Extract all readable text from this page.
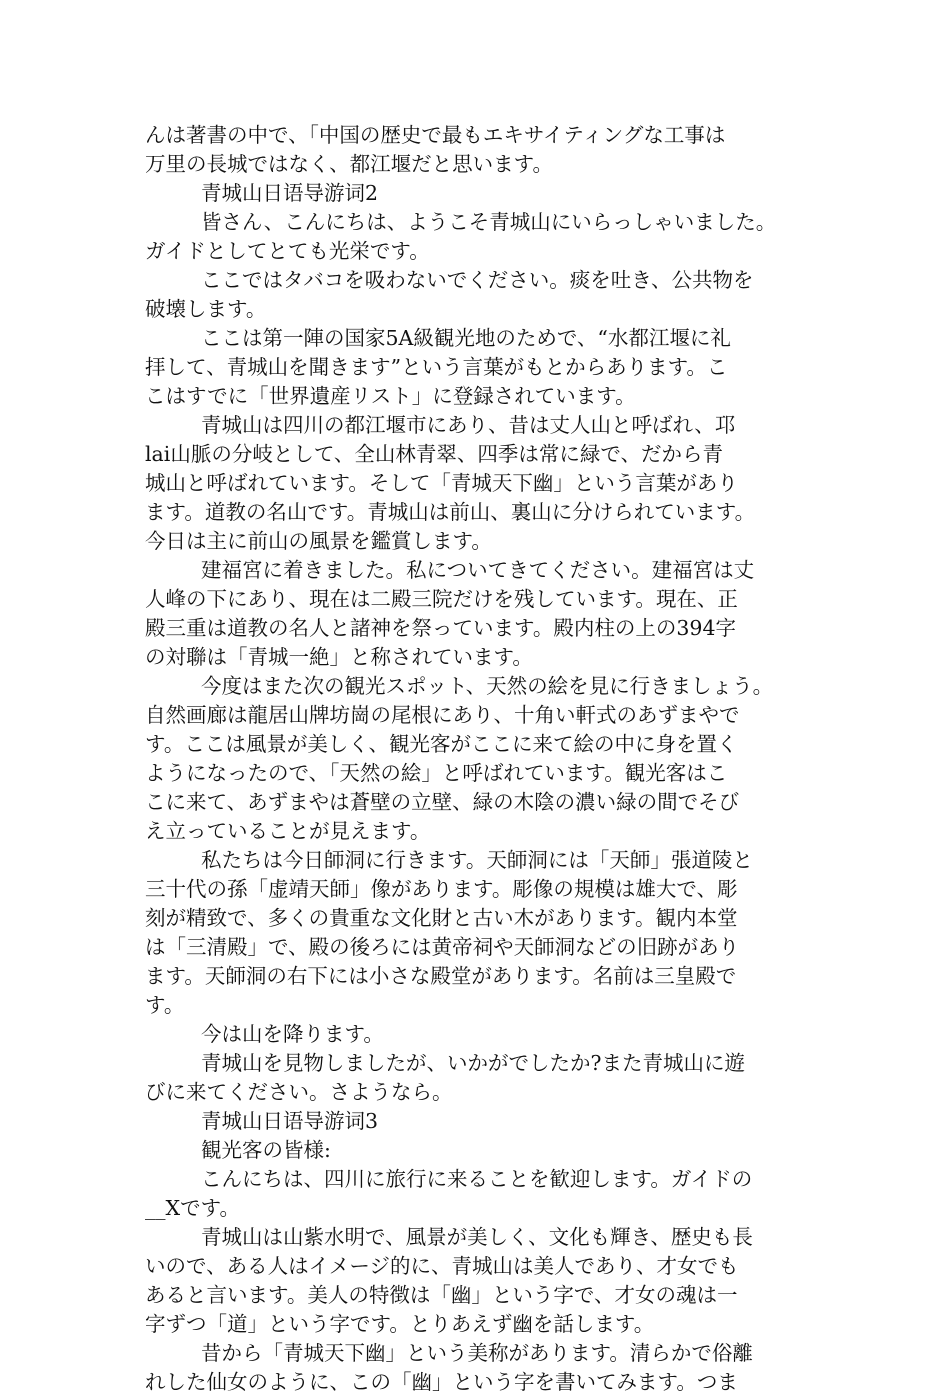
んは著書の中で、「中国の歴史で最もエキサイティングな工事は

万里の長城ではなく、都江堰だと思います。

青城山日语导游词2

皆さん、こんにちは、ようこそ青城山にいらっしゃいました。

ガイドとしてとても光栄です。

ここではタバコを吸わないでください。痰を吐き、公共物を

破壊します。

ここは第一陣の国家5A級観光地のためで、“水都江堰に礼

拝して、青城山を聞きます”という言葉がもとからあります。こ

こはすでに「世界遺産リスト」に登録されています。

青城山は四川の都江堰市にあり、昔は丈人山と呼ばれ、邛

lai山脈の分岐として、全山林青翠、四季は常に緑で、だから青

城山と呼ばれています。そして「青城天下幽」という言葉があり

ます。道教の名山です。青城山は前山、裏山に分けられています。

今日は主に前山の風景を鑑賞します。

建福宮に着きました。私についてきてください。建福宮は丈

人峰の下にあり、現在は二殿三院だけを残しています。現在、正

殿三重は道教の名人と諸神を祭っています。殿内柱の上の394字

の対聯は「青城一絶」と称されています。

今度はまた次の観光スポット、天然の絵を見に行きましょう。

自然画廊は龍居山牌坊崗の尾根にあり、十角い軒式のあずまやで

す。ここは風景が美しく、観光客がここに来て絵の中に身を置く

ようになったので、「天然の絵」と呼ばれています。観光客はこ

こに来て、あずまやは蒼壁の立壁、緑の木陰の濃い緑の間でそび

え立っていることが見えます。

私たちは今日師洞に行きます。天師洞には「天師」張道陵と

三十代の孫「虚靖天師」像があります。彫像の規模は雄大で、彫

刻が精致で、多くの貴重な文化財と古い木があります。観内本堂

は「三清殿」で、殿の後ろには黄帝祠や天師洞などの旧跡があり

ます。天師洞の右下には小さな殿堂があります。名前は三皇殿で

す。

今は山を降ります。

青城山を見物しましたが、いかがでしたか?また青城山に遊

びに来てください。さようなら。

青城山日语导游词3

観光客の皆様:

こんにちは、四川に旅行に来ることを歓迎します。ガイドの

__Xです。

青城山は山紫水明で、風景が美しく、文化も輝き、歴史も長

いので、ある人はイメージ的に、青城山は美人であり、才女でも

あると言います。美人の特徴は「幽」という字で、才女の魂は一

字ずつ「道」という字です。とりあえず幽を話します。

昔から「青城天下幽」という美称があります。清らかで俗離

れした仙女のように、この「幽」という字を書いてみます。つま
